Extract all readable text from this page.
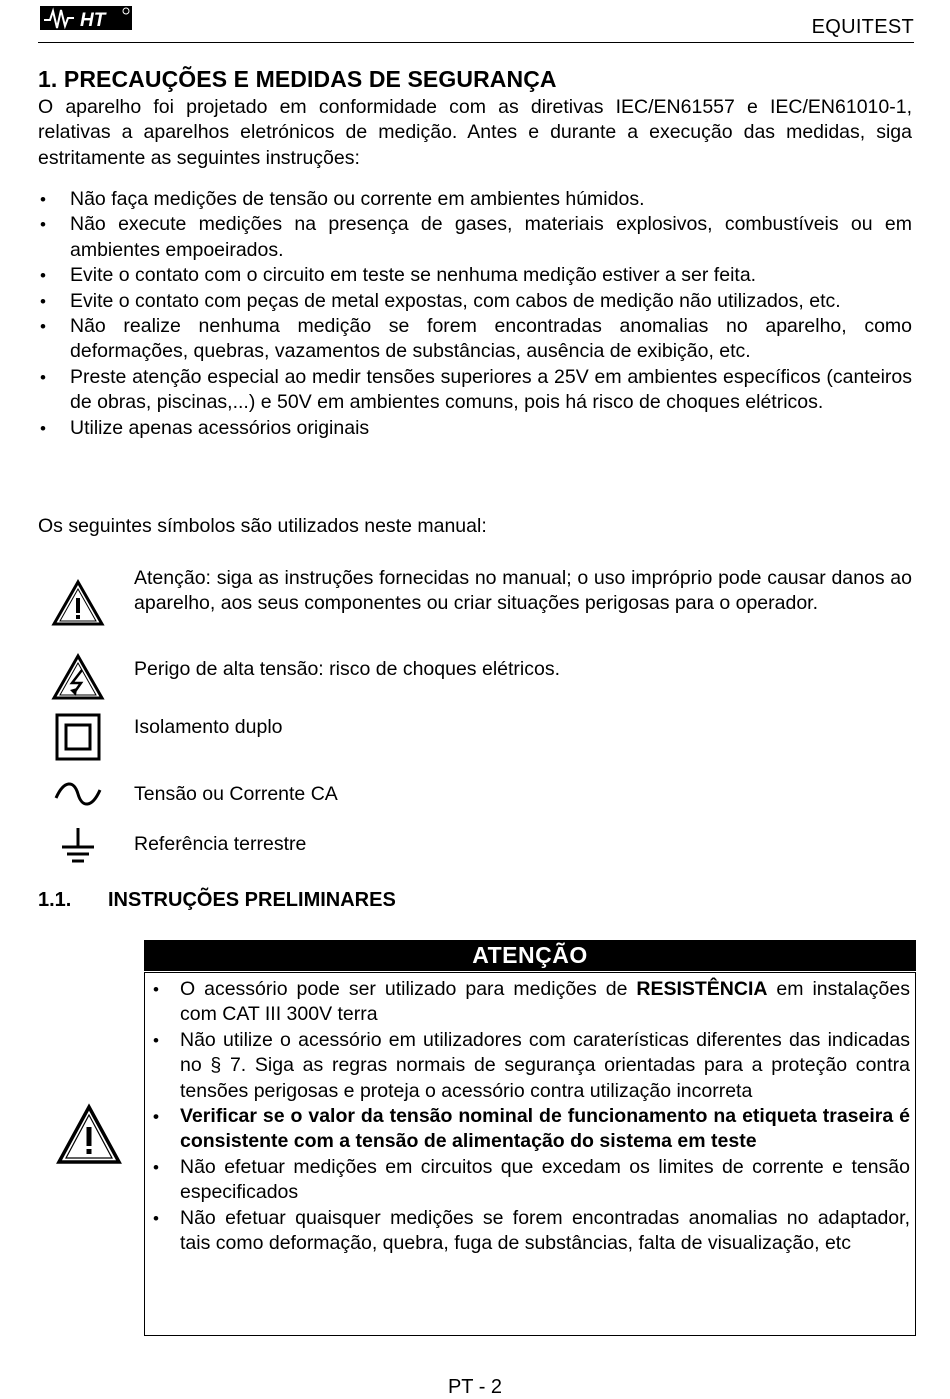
HT	EQUITEST
1. PRECAUÇÕES E MEDIDAS DE SEGURANÇA
O aparelho foi projetado em conformidade com as diretivas IEC/EN61557 e IEC/EN61010-1, relativas a aparelhos eletrónicos de medição. Antes e durante a execução das medidas, siga estritamente as seguintes instruções:
• Não faça medições de tensão ou corrente em ambientes húmidos.
• Não execute medições na presença de gases, materiais explosivos, combustíveis ou em ambientes empoeirados.
• Evite o contato com o circuito em teste se nenhuma medição estiver a ser feita.
• Evite o contato com peças de metal expostas, com cabos de medição não utilizados, etc.
• Não realize nenhuma medição se forem encontradas anomalias no aparelho, como deformações, quebras, vazamentos de substâncias, ausência de exibição, etc.
• Preste atenção especial ao medir tensões superiores a 25V em ambientes específicos (canteiros de obras, piscinas,...) e 50V em ambientes comuns, pois há risco de choques elétricos.
• Utilize apenas acessórios originais
Os seguintes símbolos são utilizados neste manual:
Atenção: siga as instruções fornecidas no manual; o uso impróprio pode causar danos ao aparelho, aos seus componentes ou criar situações perigosas para o operador.
Perigo de alta tensão: risco de choques elétricos.
Isolamento duplo
Tensão ou Corrente CA
Referência terrestre
1.1. INSTRUÇÕES PRELIMINARES
ATENÇÃO
• O acessório pode ser utilizado para medições de RESISTÊNCIA em instalações com CAT III 300V terra
• Não utilize o acessório em utilizadores com caraterísticas diferentes das indicadas no § 7. Siga as regras normais de segurança orientadas para a proteção contra tensões perigosas e proteja o acessório contra utilização incorreta
• Verificar se o valor da tensão nominal de funcionamento na etiqueta traseira é consistente com a tensão de alimentação do sistema em teste
• Não efetuar medições em circuitos que excedam os limites de corrente e tensão especificados
• Não efetuar quaisquer medições se forem encontradas anomalias no adaptador, tais como deformação, quebra, fuga de substâncias, falta de visualização, etc
PT - 2
